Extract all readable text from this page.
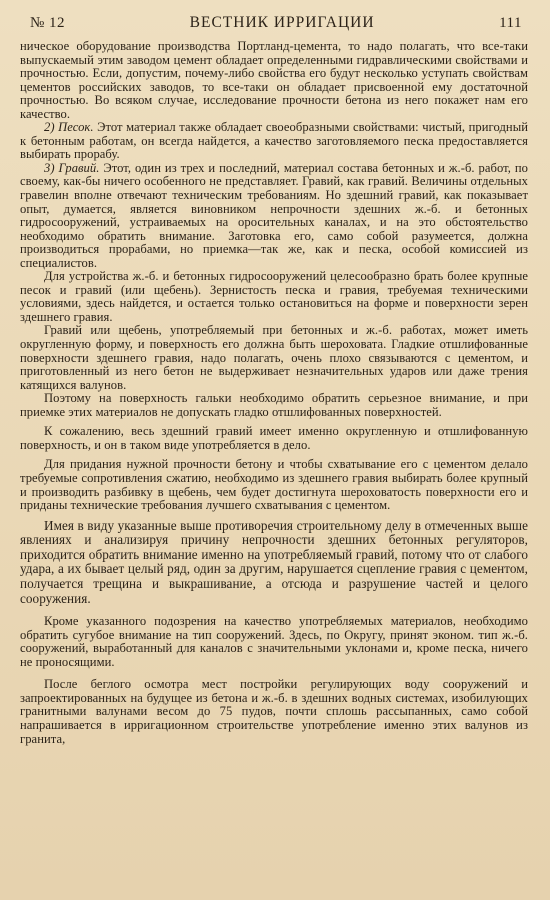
№ 12	ВЕСТНИК ИРРИГАЦИИ	111

ническое оборудование производства Портланд-цемента, то надо полагать, что все-таки выпускаемый этим заводом цемент обладает определенными гидравлическими свойствами и прочностью. Если, допустим, почему-либо свойства его будут несколько уступать свойствам цементов российских заводов, то все-таки он обладает присвоенной ему достаточной прочностью. Во всяком случае, исследование прочности бетона из него покажет нам его качество.

2) Песок. Этот материал также обладает своеобразными свойствами: чистый, пригодный к бетонным работам, он всегда найдется, а качество заготовляемого песка предоставляется выбирать прорабу.

3) Гравий. Этот, один из трех и последний, материал состава бетонных и ж.-б. работ, по своему, как-бы ничего особенного не представляет. Гравий, как гравий. Величины отдельных гравелин вполне отвечают техническим требованиям. Но здешний гравий, как показывает опыт, думается, является виновником непрочности здешних ж.-б. и бетонных гидросооружений, устраиваемых на оросительных каналах, и на это обстоятельство необходимо обратить внимание. Заготовка его, само собой разумеется, должна производиться прорабами, но приемка—так же, как и песка, особой комиссией из специалистов.

Для устройства ж.-б. и бетонных гидросооружений целесообразно брать более крупные песок и гравий (или щебень). Зернистость песка и гравия, требуемая техническими условиями, здесь найдется, и остается только остановиться на форме и поверхности зерен здешнего гравия.

Гравий или щебень, употребляемый при бетонных и ж.-б. работах, может иметь округленную форму, и поверхность его должна быть шероховата. Гладкие отшлифованные поверхности здешнего гравия, надо полагать, очень плохо связываются с цементом, и приготовленный из него бетон не выдерживает незначительных ударов или даже трения катящихся валунов.

Поэтому на поверхность гальки необходимо обратить серьезное внимание, и при приемке этих материалов не допускать гладко отшлифованных поверхностей.

К сожалению, весь здешний гравий имеет именно округленную и отшлифованную поверхность, и он в таком виде употребляется в дело.

Для придания нужной прочности бетону и чтобы схватывание его с цементом делало требуемые сопротивления сжатию, необходимо из здешнего гравия выбирать более крупный и производить разбивку в щебень, чем будет достигнута шероховатость поверхности его и приданы технические требования лучшего схватывания с цементом.

Имея в виду указанные выше противоречия строительному делу в отмеченных выше явлениях и анализируя причину непрочности здешних бетонных регуляторов, приходится обратить внимание именно на употребляемый гравий, потому что от слабого удара, а их бывает целый ряд, один за другим, нарушается сцепление гравия с цементом, получается трещина и выкрашивание, а отсюда и разрушение частей и целого сооружения.

Кроме указанного подозрения на качество употребляемых материалов, необходимо обратить сугубое внимание на тип сооружений. Здесь, по Округу, принят эконом. тип ж.-б. сооружений, выработанный для каналов с значительными уклонами и, кроме песка, ничего не проносящими.

После беглого осмотра мест постройки регулирующих воду сооружений и запроектированных на будущее из бетона и ж.-б. в здешних водных системах, изобилующих гранитными валунами весом до 75 пудов, почти сплошь рассыпанных, само собой напрашивается в ирригационном строительстве употребление именно этих валунов из гранита,
